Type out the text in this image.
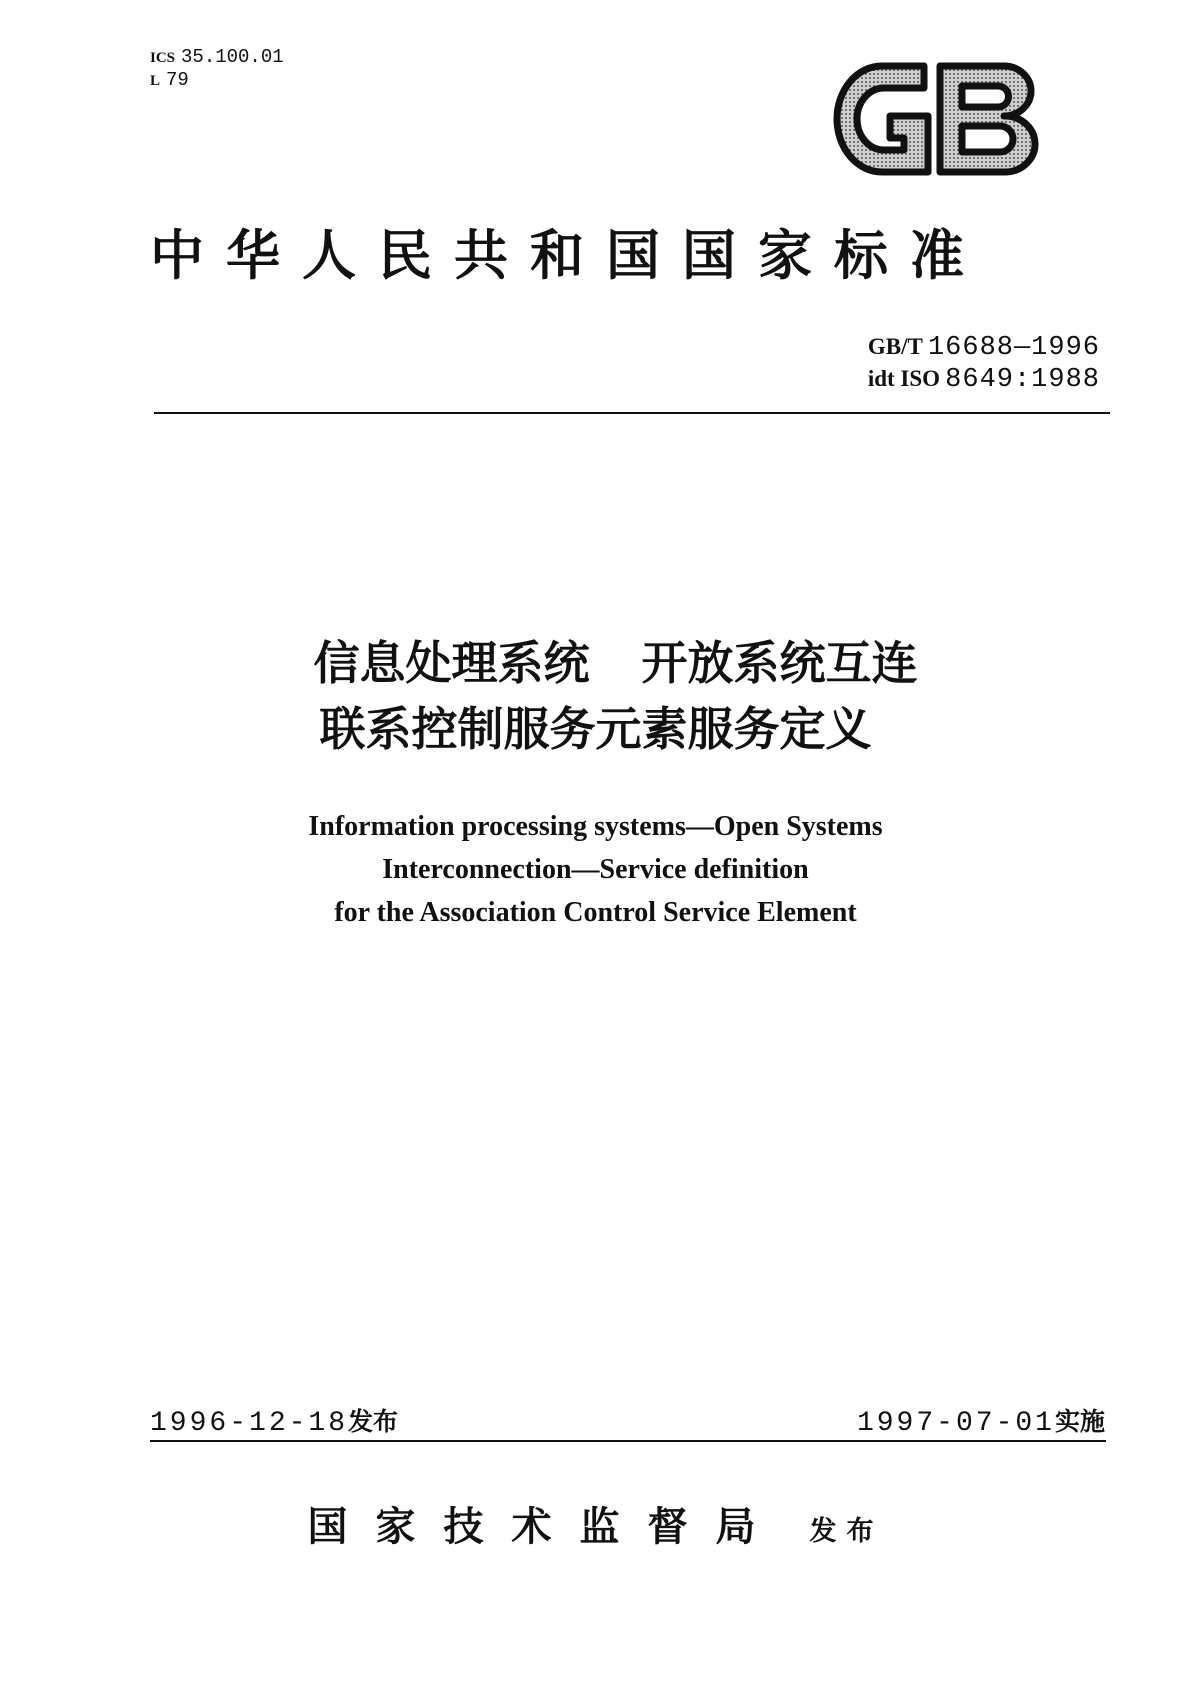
ICS 35.100.01
L 79
中华人民共和国国家标准
GB/T 16688—1996
idt ISO 8649:1988
信息处理系统 开放系统互连
联系控制服务元素服务定义
Information processing systems—Open Systems
Interconnection—Service definition
for the Association Control Service Element
1996-12-18发布	1997-07-01实施
国家技术监督局 发布
